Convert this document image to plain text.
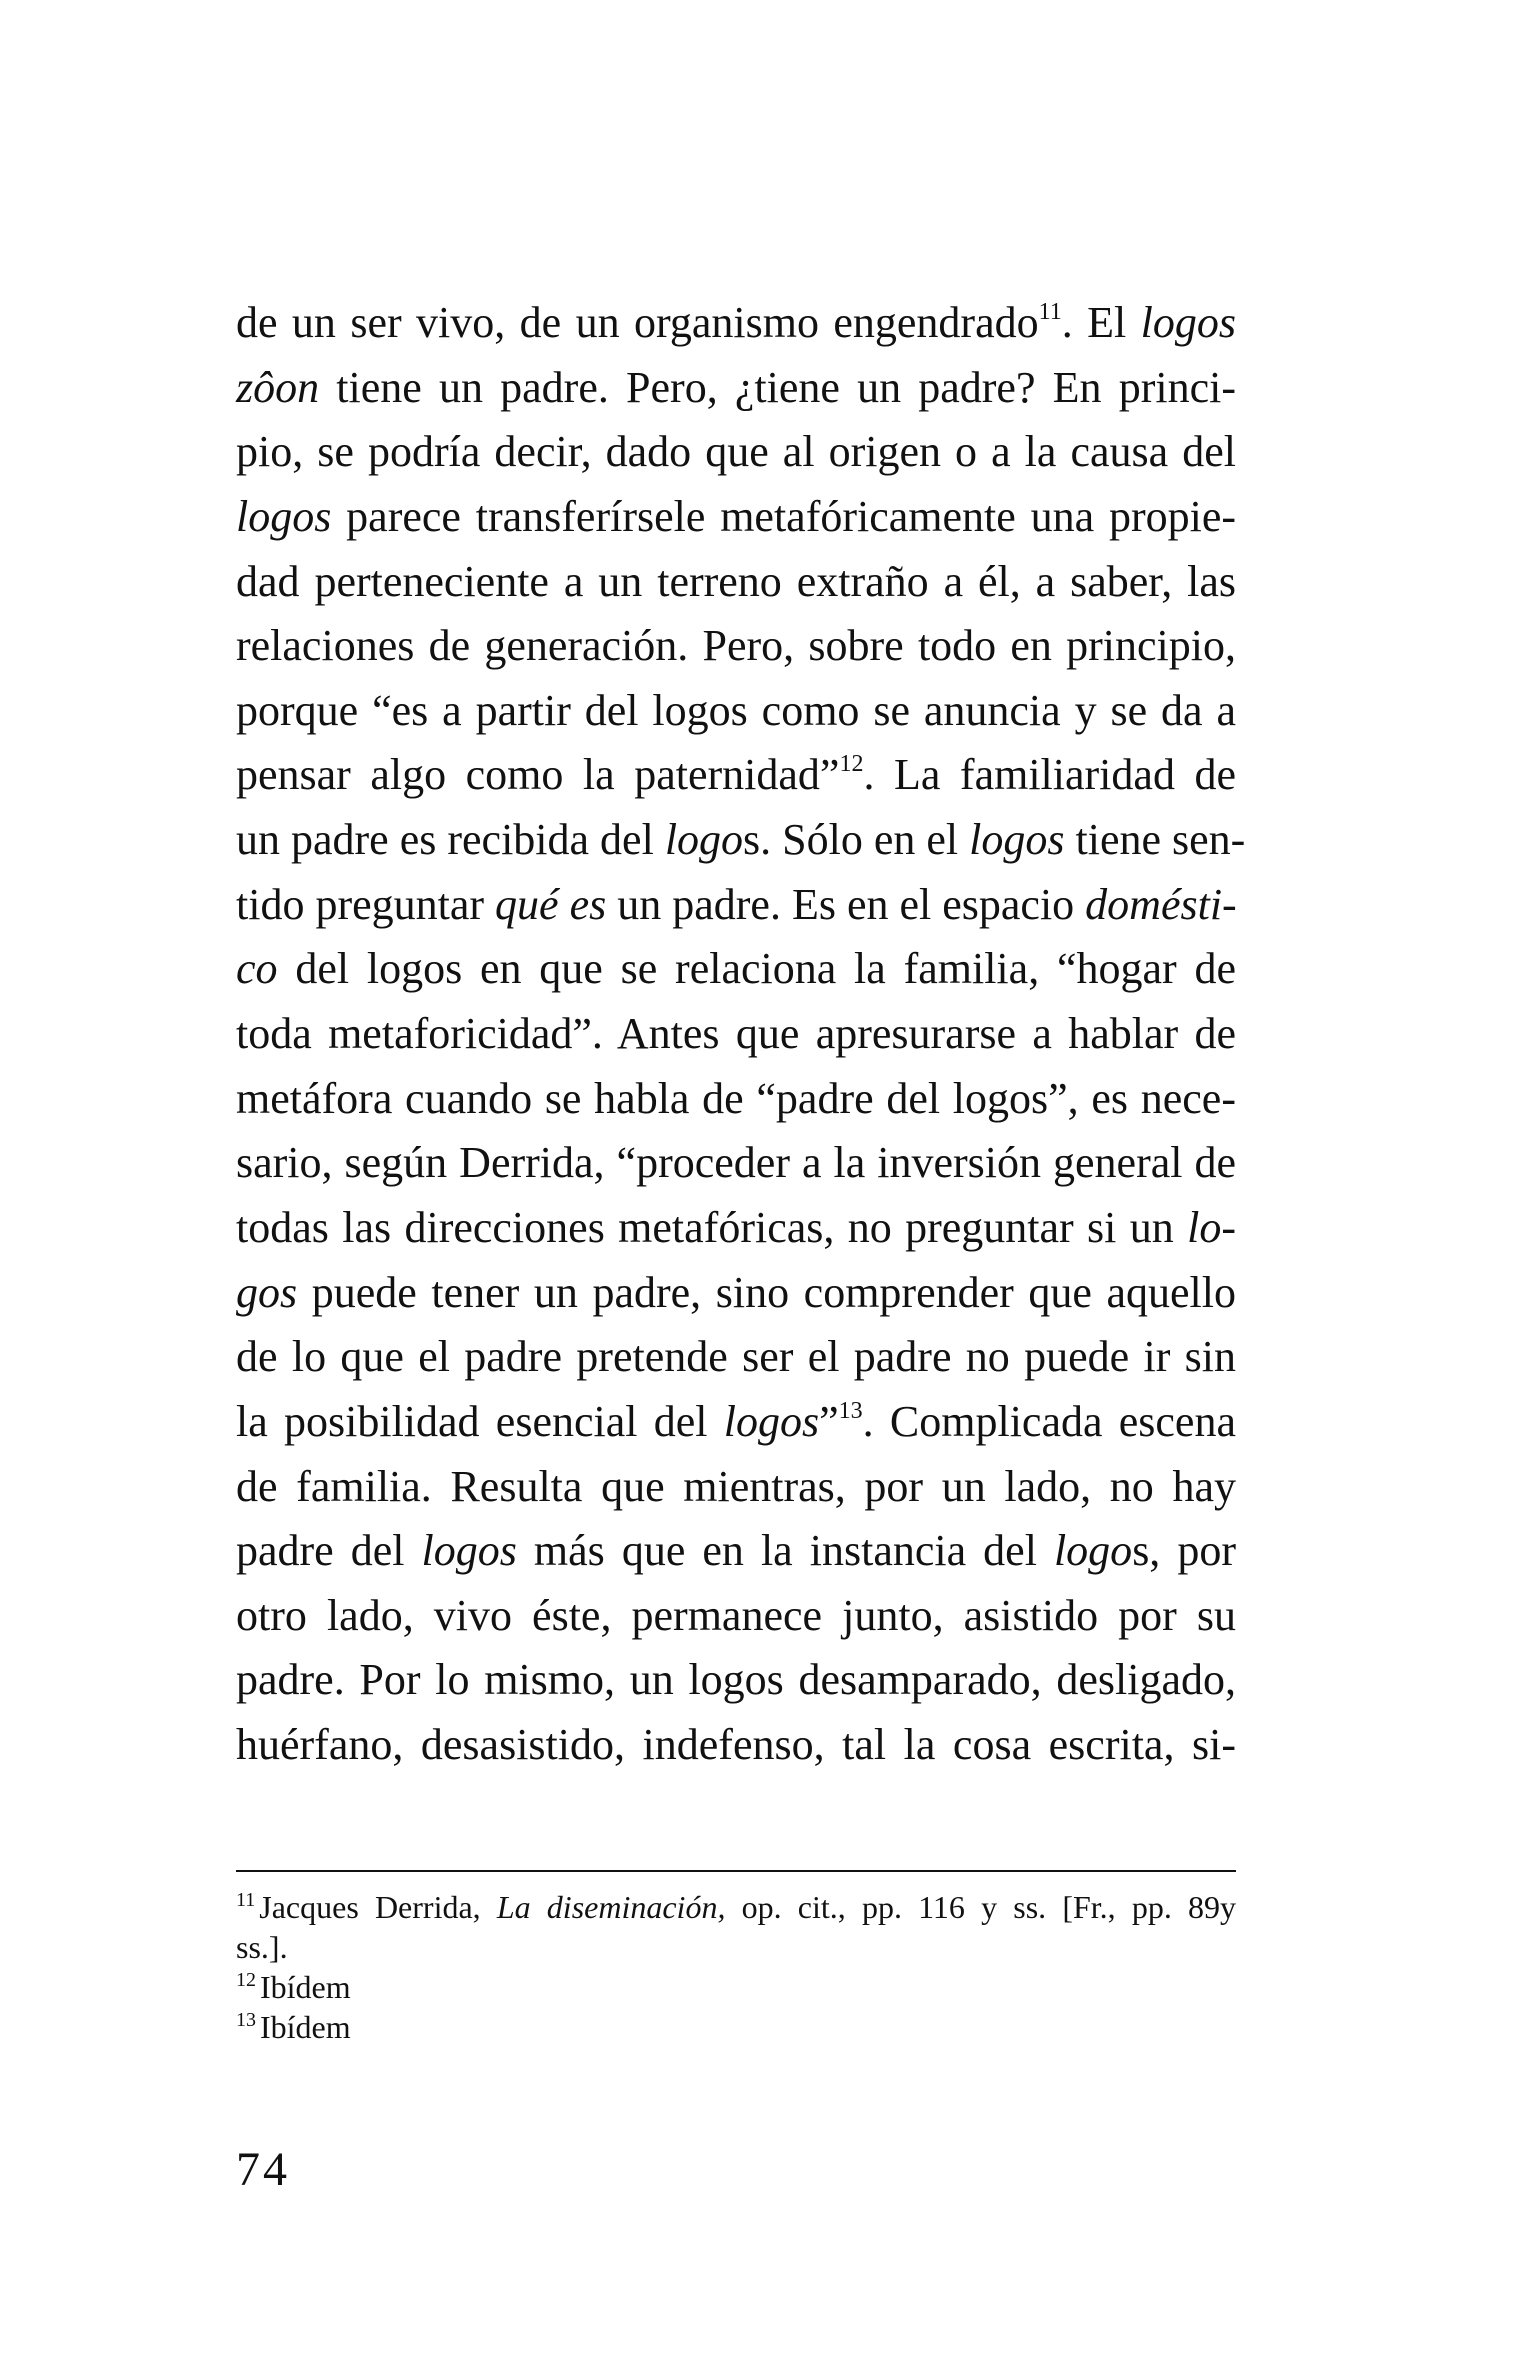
de un ser vivo, de un organismo engendrado$^{11}$. El logos
zôon tiene un padre. Pero, ¿tiene un padre? En princi-
pio, se podría decir, dado que al origen o a la causa del
logos parece transferírsele metafóricamente una propie-
dad perteneciente a un terreno extraño a él, a saber, las
relaciones de generación. Pero, sobre todo en principio,
porque “es a partir del logos como se anuncia y se da a
pensar algo como la paternidad”$^{12}$. La familiaridad de
un padre es recibida del logos. Sólo en el logos tiene sen-
tido preguntar qué es un padre. Es en el espacio domésti-
co del logos en que se relaciona la familia, “hogar de
toda metaforicidad”. Antes que apresurarse a hablar de
metáfora cuando se habla de “padre del logos”, es nece-
sario, según Derrida, “proceder a la inversión general de
todas las direcciones metafóricas, no preguntar si un lo-
gos puede tener un padre, sino comprender que aquello
de lo que el padre pretende ser el padre no puede ir sin
la posibilidad esencial del logos”$^{13}$. Complicada escena
de familia. Resulta que mientras, por un lado, no hay
padre del logos más que en la instancia del logos, por
otro lado, vivo éste, permanece junto, asistido por su
padre. Por lo mismo, un logos desamparado, desligado,
huérfano, desasistido, indefenso, tal la cosa escrita, si-
$^{11}$ Jacques Derrida, La diseminación, op. cit., pp. 116 y ss. [Fr., pp. 89y
ss.].
$^{12}$ Ibídem
$^{13}$ Ibídem
74
